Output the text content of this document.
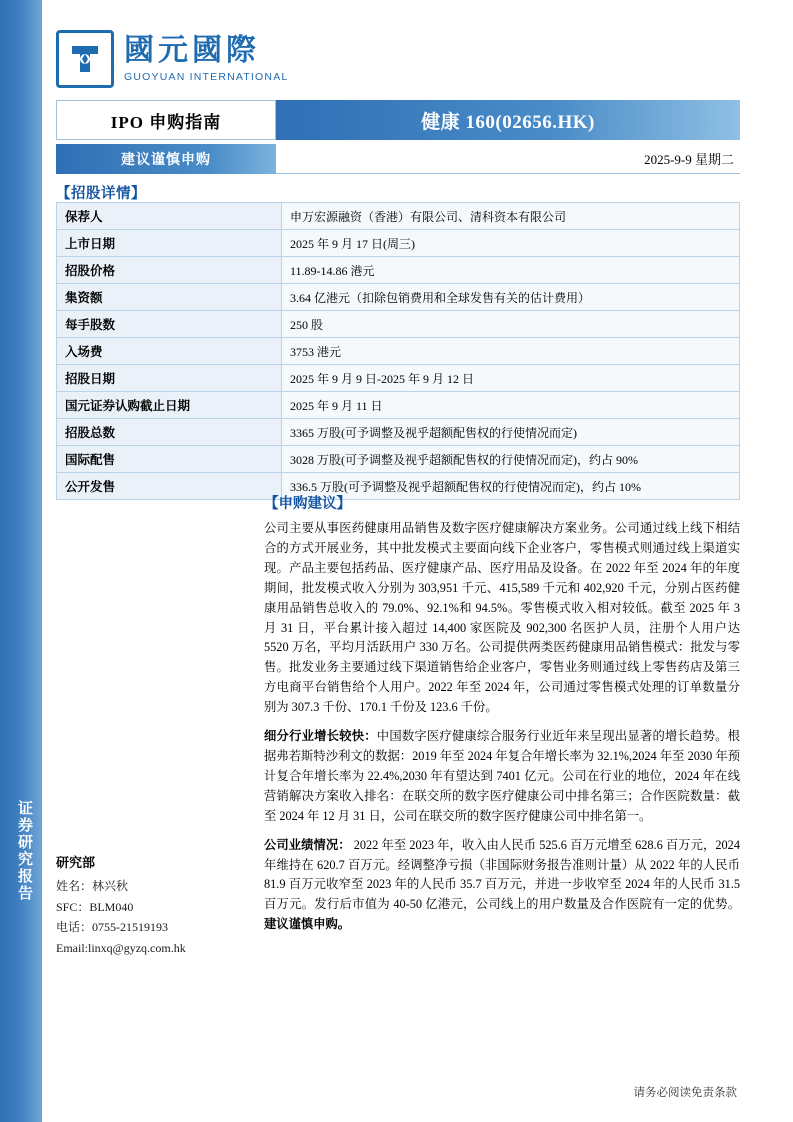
证券研究报告
國元國際
GUOYUAN INTERNATIONAL
IPO 申购指南	健康 160(02656.HK)
建议谨慎申购	2025-9-9 星期二
【招股详情】
保荐人	申万宏源融资（香港）有限公司、清科资本有限公司
上市日期	2025 年 9 月 17 日(周三)
招股价格	11.89-14.86 港元
集资额	3.64 亿港元（扣除包销费用和全球发售有关的估计费用）
每手股数	250 股
入场费	3753 港元
招股日期	2025 年 9 月 9 日-2025 年 9 月 12 日
国元证券认购截止日期	2025 年 9 月 11 日
招股总数	3365 万股(可予调整及视乎超额配售权的行使情况而定)
国际配售	3028 万股(可予调整及视乎超额配售权的行使情况而定)，约占 90%
公开发售	336.5 万股(可予调整及视乎超额配售权的行使情况而定)，约占 10%
【申购建议】

公司主要从事医药健康用品销售及数字医疗健康解决方案业务。公司通过线上线下相结合的方式开展业务，其中批发模式主要面向线下企业客户，零售模式则通过线上渠道实现。产品主要包括药品、医疗健康产品、医疗用品及设备。在 2022 年至 2024 年的年度期间，批发模式收入分别为 303,951 千元、415,589 千元和 402,920 千元，分别占医药健康用品销售总收入的 79.0%、92.1%和 94.5%。零售模式收入相对较低。截至 2025 年 3 月 31 日，平台累计接入超过 14,400 家医院及 902,300 名医护人员，注册个人用户达 5520 万名，平均月活跃用户 330 万名。公司提供两类医药健康用品销售模式：批发与零售。批发业务主要通过线下渠道销售给企业客户，零售业务则通过线上零售药店及第三方电商平台销售给个人用户。2022 年至 2024 年，公司通过零售模式处理的订单数量分别为 307.3 千份、170.1 千份及 123.6 千份。

细分行业增长较快：中国数字医疗健康综合服务行业近年来呈现出显著的增长趋势。根据弗若斯特沙利文的数据：2019 年至 2024 年复合年增长率为 32.1%,2024 年至 2030 年预计复合年增长率为 22.4%,2030 年有望达到 7401 亿元。公司在行业的地位，2024 年在线营销解决方案收入排名：在联交所的数字医疗健康公司中排名第三；合作医院数量：截至 2024 年 12 月 31 日，公司在联交所的数字医疗健康公司中排名第一。

公司业绩情况： 2022 年至 2023 年，收入由人民币 525.6 百万元增至 628.6 百万元，2024 年维持在 620.7 百万元。经调整净亏损（非国际财务报告准则计量）从 2022 年的人民币 81.9 百万元收窄至 2023 年的人民币 35.7 百万元，并进一步收窄至 2024 年的人民币 31.5 百万元。发行后市值为 40-50 亿港元，公司线上的用户数量及合作医院有一定的优势。建议谨慎申购。

研究部
姓名：林兴秋
SFC：BLM040
电话：0755-21519193
Email:linxq@gyzq.com.hk
请务必阅读免责条款
